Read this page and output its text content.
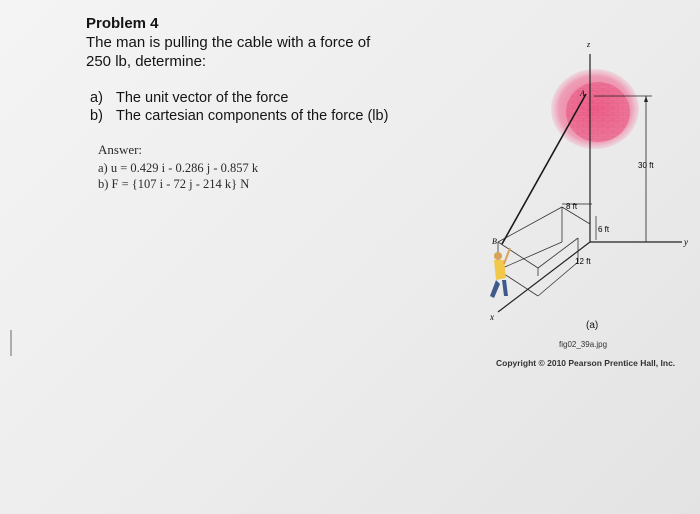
Problem 4

The man is pulling the cable with a force of
250 lb, determine:

a) The unit vector of the force
b) The cartesian components of the force (lb)
Answer:
a) u = 0.429 i - 0.286 j - 0.857 k
b) F = {107 i - 72 j - 214 k} N
z
y
x
A
B
8 ft
6 ft
12 ft
30 ft
(a)
fig02_39a.jpg
Copyright © 2010 Pearson Prentice Hall, Inc.
